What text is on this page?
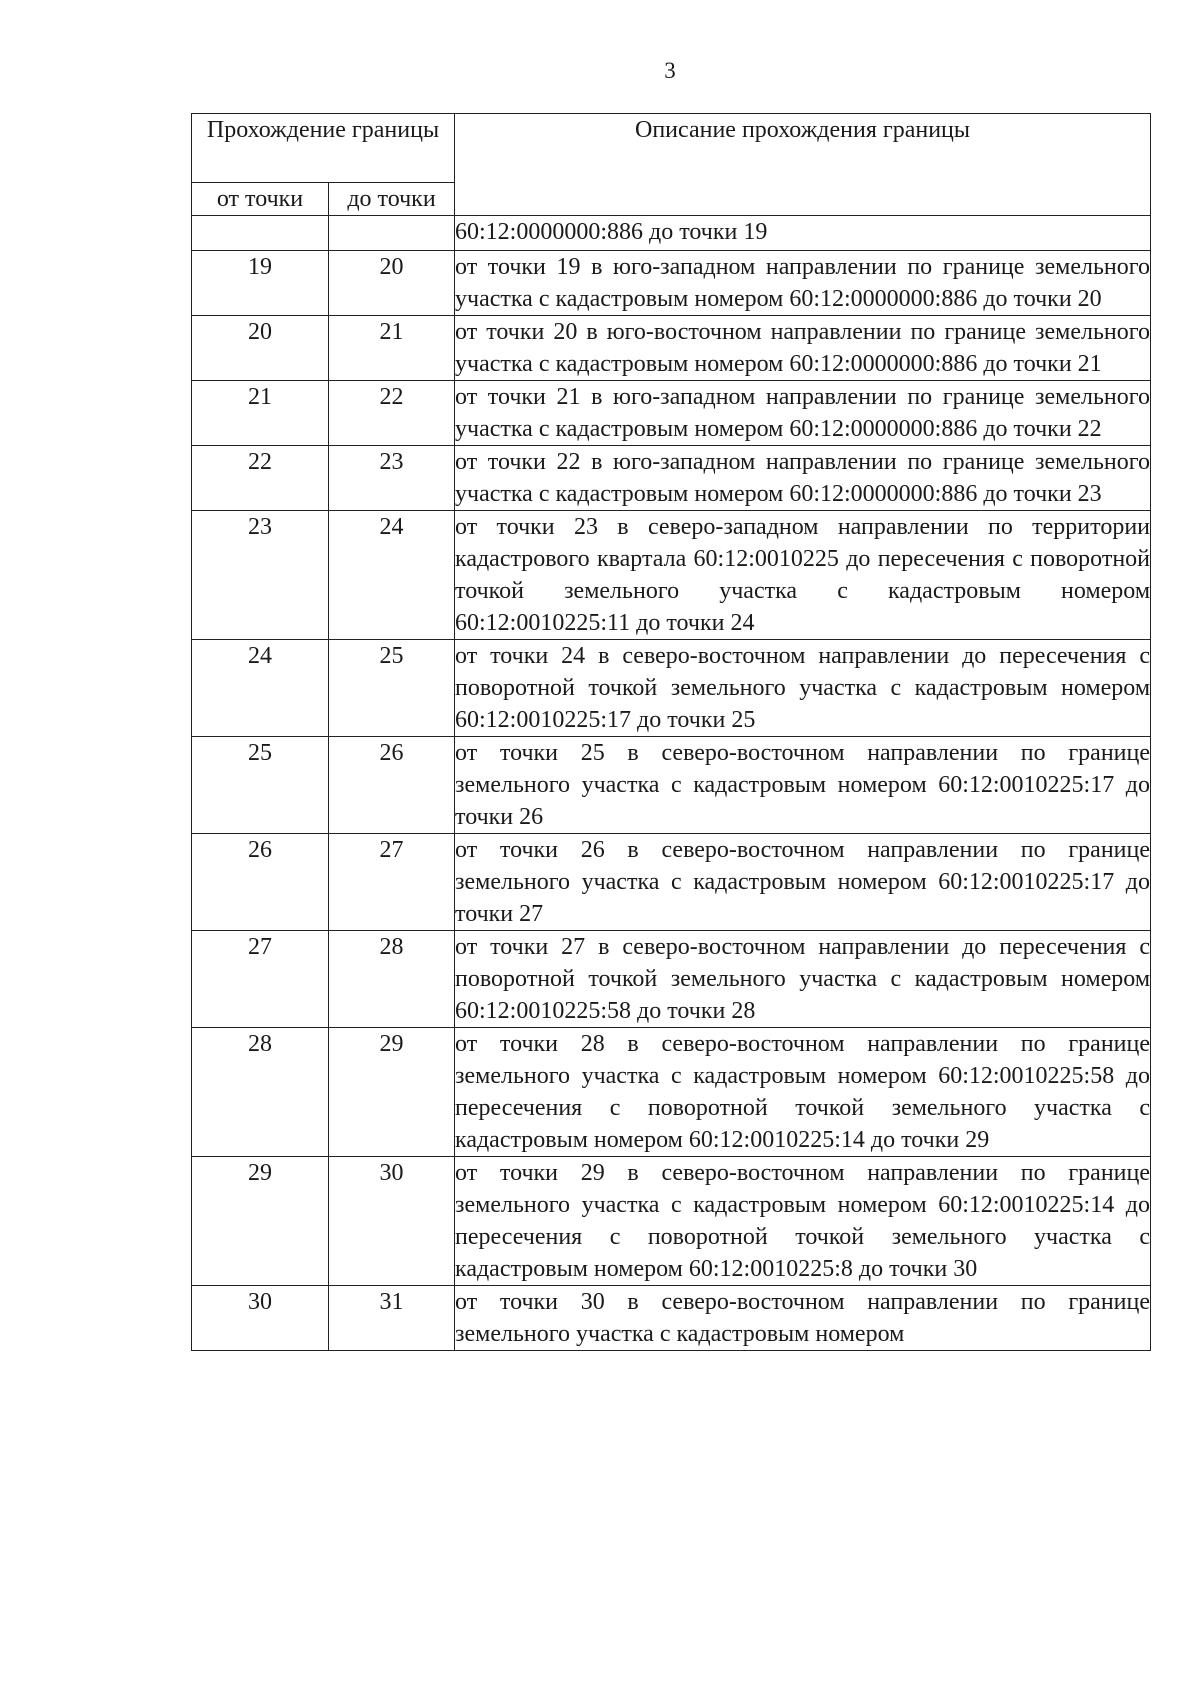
3
Прохождение границы		Описание прохождения границы
от точки	до точки	
		60:12:0000000:886 до точки 19
19	20	от точки 19 в юго-западном направлении по границе земельного участка с кадастровым номером 60:12:0000000:886 до точки 20
20	21	от точки 20 в юго-восточном направлении по границе земельного участка с кадастровым номером 60:12:0000000:886 до точки 21
21	22	от точки 21 в юго-западном направлении по границе земельного участка с кадастровым номером 60:12:0000000:886 до точки 22
22	23	от точки 22 в юго-западном направлении по границе земельного участка с кадастровым номером 60:12:0000000:886 до точки 23
23	24	от точки 23 в северо-западном направлении по территории кадастрового квартала 60:12:0010225 до пересечения с поворотной точкой земельного участка с кадастровым номером 60:12:0010225:11 до точки 24
24	25	от точки 24 в северо-восточном направлении до пересечения с поворотной точкой земельного участка с кадастровым номером 60:12:0010225:17 до точки 25
25	26	от точки 25 в северо-восточном направлении по границе земельного участка с кадастровым номером 60:12:0010225:17 до точки 26
26	27	от точки 26 в северо-восточном направлении по границе земельного участка с кадастровым номером 60:12:0010225:17 до точки 27
27	28	от точки 27 в северо-восточном направлении до пересечения с поворотной точкой земельного участка с кадастровым номером 60:12:0010225:58 до точки 28
28	29	от точки 28 в северо-восточном направлении по границе земельного участка с кадастровым номером 60:12:0010225:58 до пересечения с поворотной точкой земельного участка с кадастровым номером 60:12:0010225:14 до точки 29
29	30	от точки 29 в северо-восточном направлении по границе земельного участка с кадастровым номером 60:12:0010225:14 до пересечения с поворотной точкой земельного участка с кадастровым номером 60:12:0010225:8 до точки 30
30	31	от точки 30 в северо-восточном направлении по границе земельного участка с кадастровым номером
